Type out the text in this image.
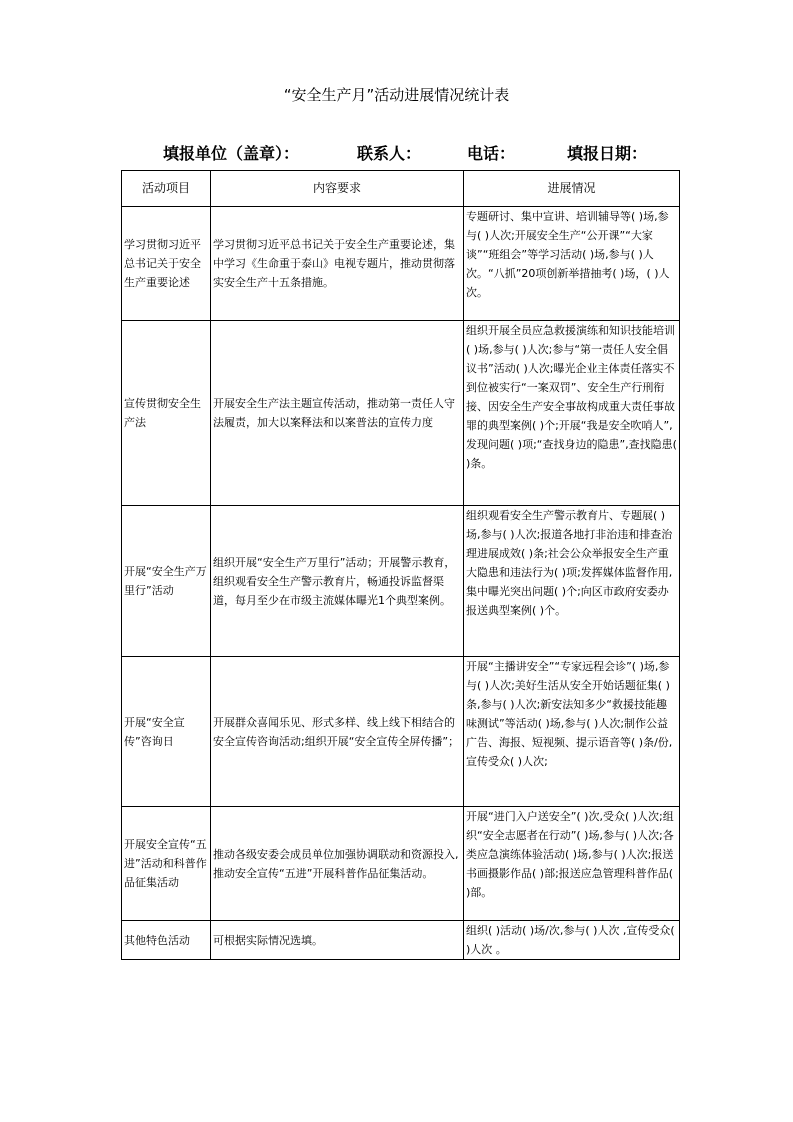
“安全生产月”活动进展情况统计表
填报单位（盖章）：	联系人：	电话：	填报日期：
活动项目	内容要求	进展情况
学习贯彻习近平总书记关于安全生产重要论述	学习贯彻习近平总书记关于安全生产重要论述，集中学习《生命重于泰山》电视专题片，推动贯彻落实安全生产十五条措施。	专题研讨、集中宣讲、培训辅导等( )场,参与( )人次;开展安全生产“公开课”“大家谈”“班组会”等学习活动( )场,参与( )人次。“八抓”20项创新举措抽考( )场，( )人次。
宣传贯彻安全生产法	开展安全生产法主题宣传活动，推动第一责任人守法履责，加大以案释法和以案普法的宣传力度	组织开展全员应急救援演练和知识技能培训( )场,参与( )人次;参与“第一责任人安全倡议书”活动( )人次;曝光企业主体责任落实不到位被实行“一案双罚”、安全生产行刑衔接、因安全生产安全事故构成重大责任事故罪的典型案例( )个;开展“我是安全吹哨人”,发现问题( )项;“查找身边的隐患”,查找隐患( )条。
开展“安全生产万里行”活动	组织开展“安全生产万里行”活动；开展警示教育，组织观看安全生产警示教育片，畅通投诉监督渠道，每月至少在市级主流媒体曝光1个典型案例。	组织观看安全生产警示教育片、专题展( )场,参与( )人次;报道各地打非治违和排查治理进展成效( )条;社会公众举报安全生产重大隐患和违法行为( )项;发挥媒体监督作用,集中曝光突出问题( )个;向区市政府安委办报送典型案例( )个。
开展“安全宣传”咨询日	开展群众喜闻乐见、形式多样、线上线下相结合的安全宣传咨询活动;组织开展“安全宣传全屏传播”；	开展“主播讲安全”“专家远程会诊”( )场,参与( )人次;美好生活从安全开始话题征集( )条,参与( )人次;新安法知多少“救援技能趣味测试”等活动( )场,参与( )人次;制作公益广告、海报、短视频、提示语音等( )条/份,宣传受众( )人次;
开展安全宣传“五进”活动和科普作品征集活动	推动各级安委会成员单位加强协调联动和资源投入,推动安全宣传“五进”开展科普作品征集活动。	开展“进门入户送安全”( )次,受众( )人次;组织“安全志愿者在行动”( )场,参与( )人次;各类应急演练体验活动( )场,参与( )人次;报送书画摄影作品( )部;报送应急管理科普作品( )部。
其他特色活动	可根据实际情况选填。	组织( )活动( )场/次,参与( )人次 ,宣传受众( )人次 。
